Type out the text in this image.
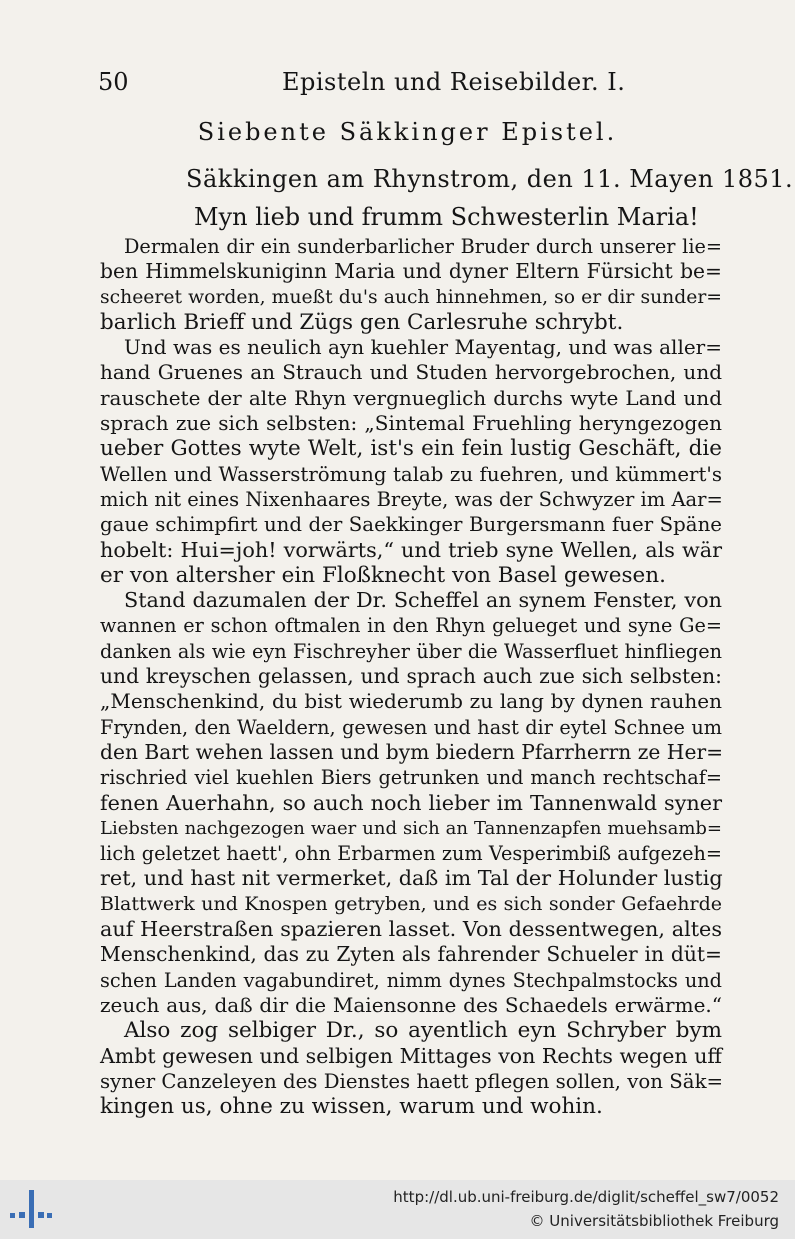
50	Episteln und Reisebilder. I.
Siebente Säkkinger Epistel.
Säkkingen am Rhynstrom, den 11. Mayen 1851.
Myn lieb und frumm Schwesterlin Maria!
Dermalen dir ein sunderbarlicher Bruder durch unserer lie=
ben Himmelskuniginn Maria und dyner Eltern Fürsicht be=
scheeret worden, mueßt du's auch hinnehmen, so er dir sunder=
barlich Brieff und Zügs gen Carlesruhe schrybt.
Und was es neulich ayn kuehler Mayentag, und was aller=
hand Gruenes an Strauch und Studen hervorgebrochen, und
rauschete der alte Rhyn vergnueglich durchs wyte Land und
sprach zue sich selbsten: „Sintemal Fruehling heryngezogen
ueber Gottes wyte Welt, ist's ein fein lustig Geschäft, die
Wellen und Wasserströmung talab zu fuehren, und kümmert's
mich nit eines Nixenhaares Breyte, was der Schwyzer im Aar=
gaue schimpfirt und der Saekkinger Burgersmann fuer Späne
hobelt: Hui=joh! vorwärts,“ und trieb syne Wellen, als wär
er von altersher ein Floßknecht von Basel gewesen.
Stand dazumalen der Dr. Scheffel an synem Fenster, von
wannen er schon oftmalen in den Rhyn gelueget und syne Ge=
danken als wie eyn Fischreyher über die Wasserfluet hinfliegen
und kreyschen gelassen, und sprach auch zue sich selbsten:
„Menschenkind, du bist wiederumb zu lang by dynen rauhen
Frynden, den Waeldern, gewesen und hast dir eytel Schnee um
den Bart wehen lassen und bym biedern Pfarrherrn ze Her=
rischried viel kuehlen Biers getrunken und manch rechtschaf=
fenen Auerhahn, so auch noch lieber im Tannenwald syner
Liebsten nachgezogen waer und sich an Tannenzapfen muehsamb=
lich geletzet haett', ohn Erbarmen zum Vesperimbiß aufgezeh=
ret, und hast nit vermerket, daß im Tal der Holunder lustig
Blattwerk und Knospen getryben, und es sich sonder Gefaehrde
auf Heerstraßen spazieren lasset. Von dessentwegen, altes
Menschenkind, das zu Zyten als fahrender Schueler in düt=
schen Landen vagabundiret, nimm dynes Stechpalmstocks und
zeuch aus, daß dir die Maiensonne des Schaedels erwärme.“
Also zog selbiger Dr., so ayentlich eyn Schryber bym
Ambt gewesen und selbigen Mittages von Rechts wegen uff
syner Canzeleyen des Dienstes haett pflegen sollen, von Säk=
kingen us, ohne zu wissen, warum und wohin.
http://dl.ub.uni-freiburg.de/diglit/scheffel_sw7/0052
© Universitätsbibliothek Freiburg
